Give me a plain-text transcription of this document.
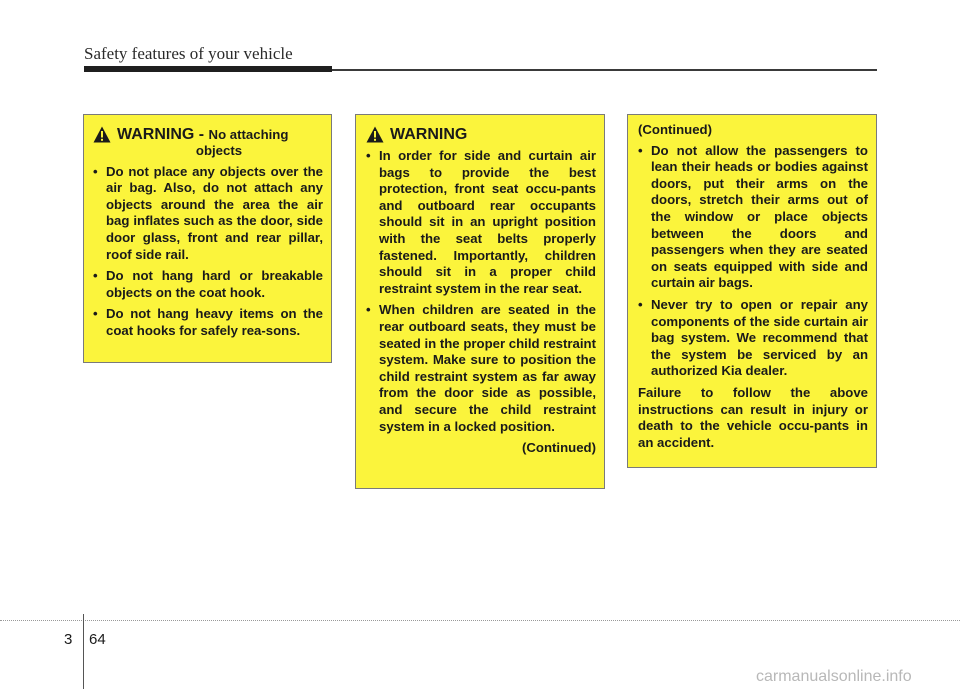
Safety features of your vehicle
WARNING - No attaching
objects
• Do not place any objects over the air bag. Also, do not attach any objects around the area the air bag inflates such as the door, side door glass, front and rear pillar, roof side rail.
• Do not hang hard or breakable objects on the coat hook.
• Do not hang heavy items on the coat hooks for safely rea-sons.
WARNING
• In order for side and curtain air bags to provide the best protection, front seat occu-pants and outboard rear occupants should sit in an upright position with the seat belts properly fastened. Importantly, children should sit in a proper child restraint system in the rear seat.
• When children are seated in the rear outboard seats, they must be seated in the proper child restraint system. Make sure to position the child restraint system as far away from the door side as possible, and secure the child restraint system in a locked position.
(Continued)
(Continued)
• Do not allow the passengers to lean their heads or bodies against doors, put their arms on the doors, stretch their arms out of the window or place objects between the doors and passengers when they are seated on seats equipped with side and curtain air bags.
• Never try to open or repair any components of the side curtain air bag system. We recommend that the system be serviced by an authorized Kia dealer.
Failure to follow the above instructions can result in injury or death to the vehicle occu-pants in an accident.
3 64
carmanualsonline.info
